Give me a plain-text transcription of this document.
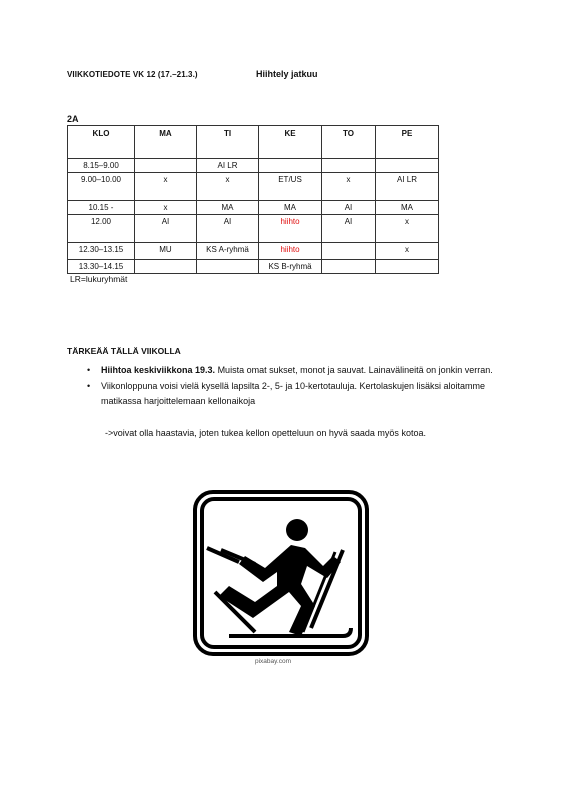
VIIKKOTIEDOTE VK 12 (17.–21.3.)	Hiihtely jatkuu
2A
KLO	MA	TI	KE	TO	PE
8.15–9.00		AI LR			
9.00–10.00	x	x	ET/US	x	AI LR
10.15 -	x	MA	MA	AI	MA
12.00	AI	AI	hiihto	AI	x
12.30–13.15	MU	KS A-ryhmä	hiihto		x
13.30–14.15			KS B-ryhmä		
LR=lukuryhmät
TÄRKEÄÄ TÄLLÄ VIIKOLLA
• Hiihtoa keskiviikkona 19.3. Muista omat sukset, monot ja sauvat. Lainavälineitä on jonkin verran.
• Viikonloppuna voisi vielä kysellä lapsilta 2-, 5- ja 10-kertotauluja. Kertolaskujen lisäksi aloitamme matikassa harjoittelemaan kellonaikoja
->voivat olla haastavia, joten tukea kellon opetteluun on hyvä saada myös kotoa.
pixabay.com
